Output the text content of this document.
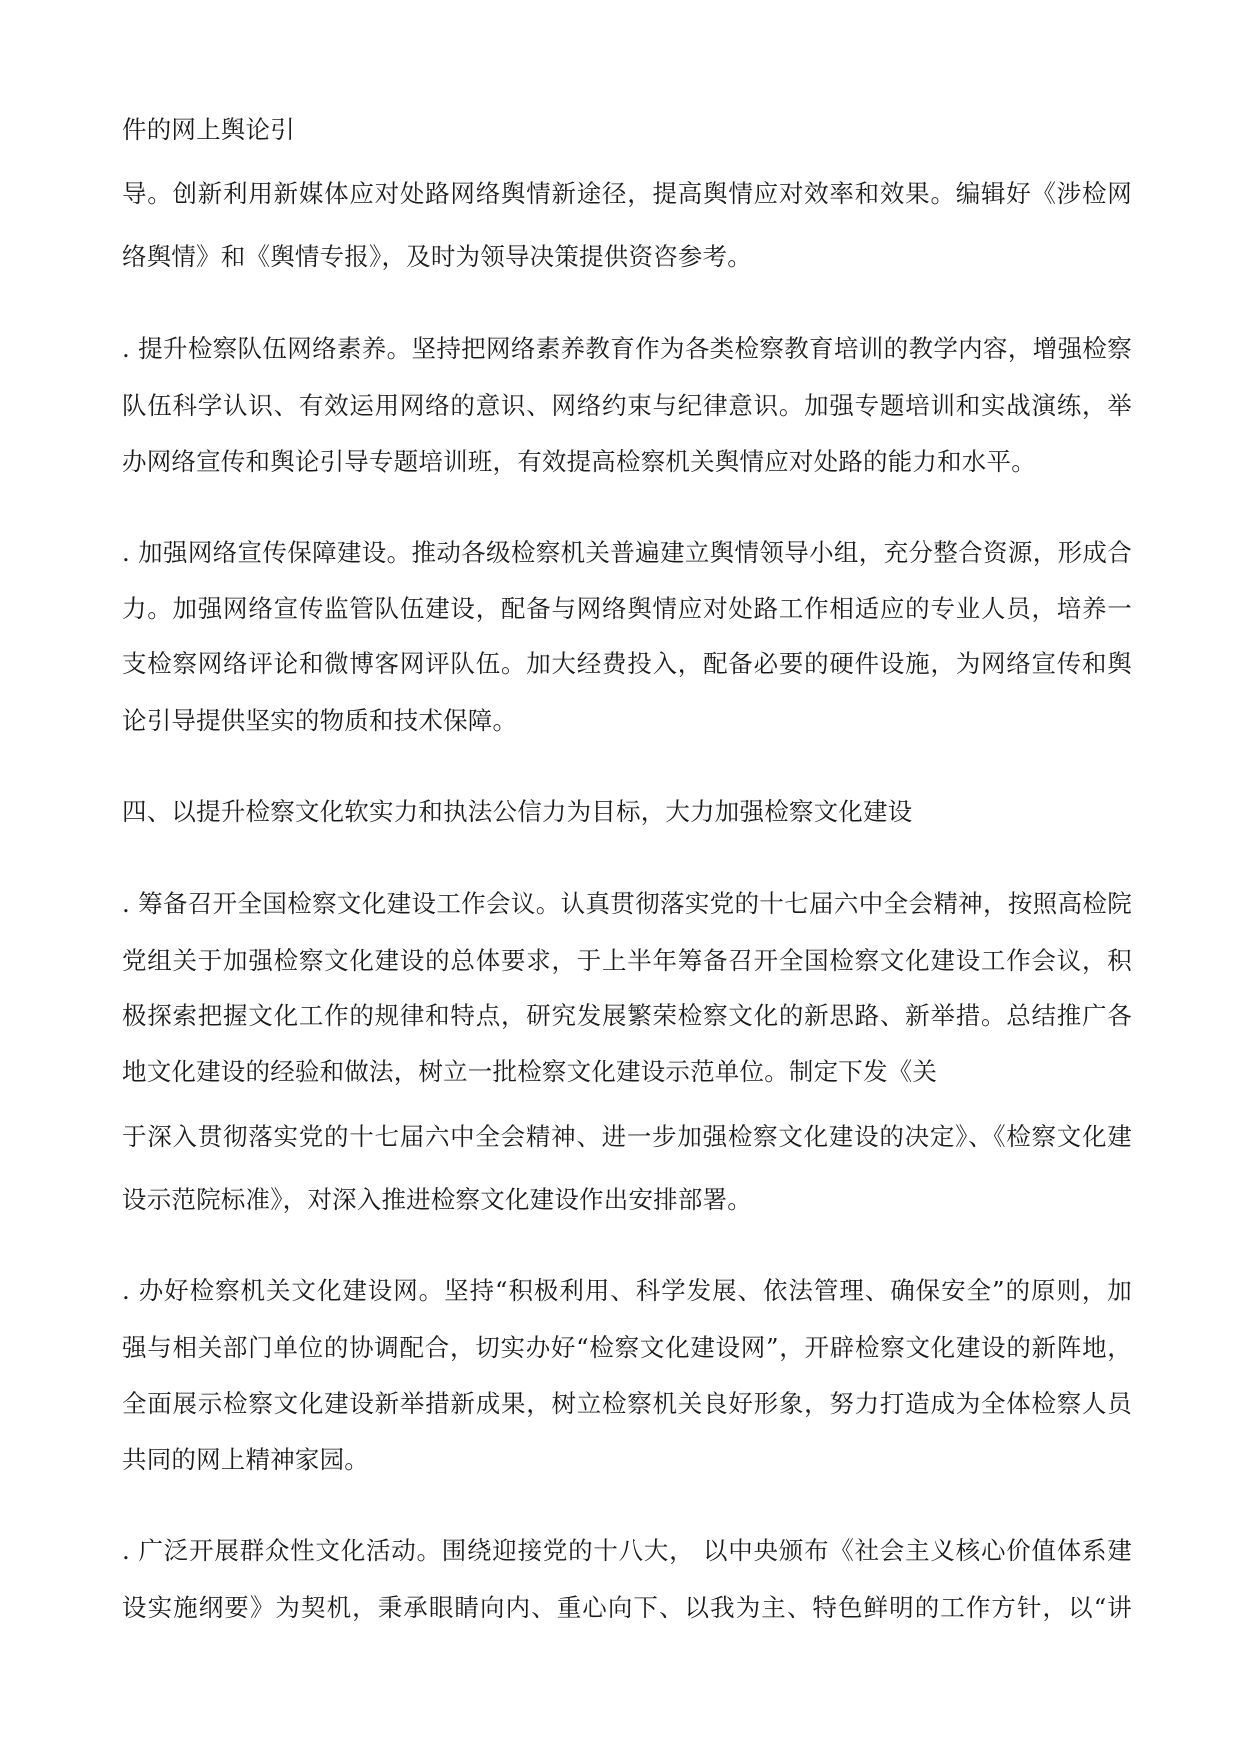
件的网上舆论引
导。创新利用新媒体应对处路网络舆情新途径，提高舆情应对效率和效果。编辑好《涉检网
络舆情》和《舆情专报》，及时为领导决策提供资咨参考。
. 提升检察队伍网络素养。坚持把网络素养教育作为各类检察教育培训的教学内容，增强检察
队伍科学认识、有效运用网络的意识、网络约束与纪律意识。加强专题培训和实战演练，举
办网络宣传和舆论引导专题培训班，有效提高检察机关舆情应对处路的能力和水平。
. 加强网络宣传保障建设。推动各级检察机关普遍建立舆情领导小组，充分整合资源，形成合
力。加强网络宣传监管队伍建设，配备与网络舆情应对处路工作相适应的专业人员，培养一
支检察网络评论和微博客网评队伍。加大经费投入，配备必要的硬件设施，为网络宣传和舆
论引导提供坚实的物质和技术保障。
四、以提升检察文化软实力和执法公信力为目标，大力加强检察文化建设
. 筹备召开全国检察文化建设工作会议。认真贯彻落实党的十七届六中全会精神，按照高检院
党组关于加强检察文化建设的总体要求，于上半年筹备召开全国检察文化建设工作会议，积
极探索把握文化工作的规律和特点，研究发展繁荣检察文化的新思路、新举措。总结推广各
地文化建设的经验和做法，树立一批检察文化建设示范单位。制定下发《关
于深入贯彻落实党的十七届六中全会精神、进一步加强检察文化建设的决定》、《检察文化建
设示范院标准》，对深入推进检察文化建设作出安排部署。
. 办好检察机关文化建设网。坚持“积极利用、科学发展、依法管理、确保安全”的原则，加
强与相关部门单位的协调配合，切实办好“检察文化建设网”，开辟检察文化建设的新阵地，
全面展示检察文化建设新举措新成果，树立检察机关良好形象，努力打造成为全体检察人员
共同的网上精神家园。
. 广泛开展群众性文化活动。围绕迎接党的十八大， 以中央颁布《社会主义核心价值体系建
设实施纲要》为契机，秉承眼睛向内、重心向下、以我为主、特色鲜明的工作方针，以“讲
